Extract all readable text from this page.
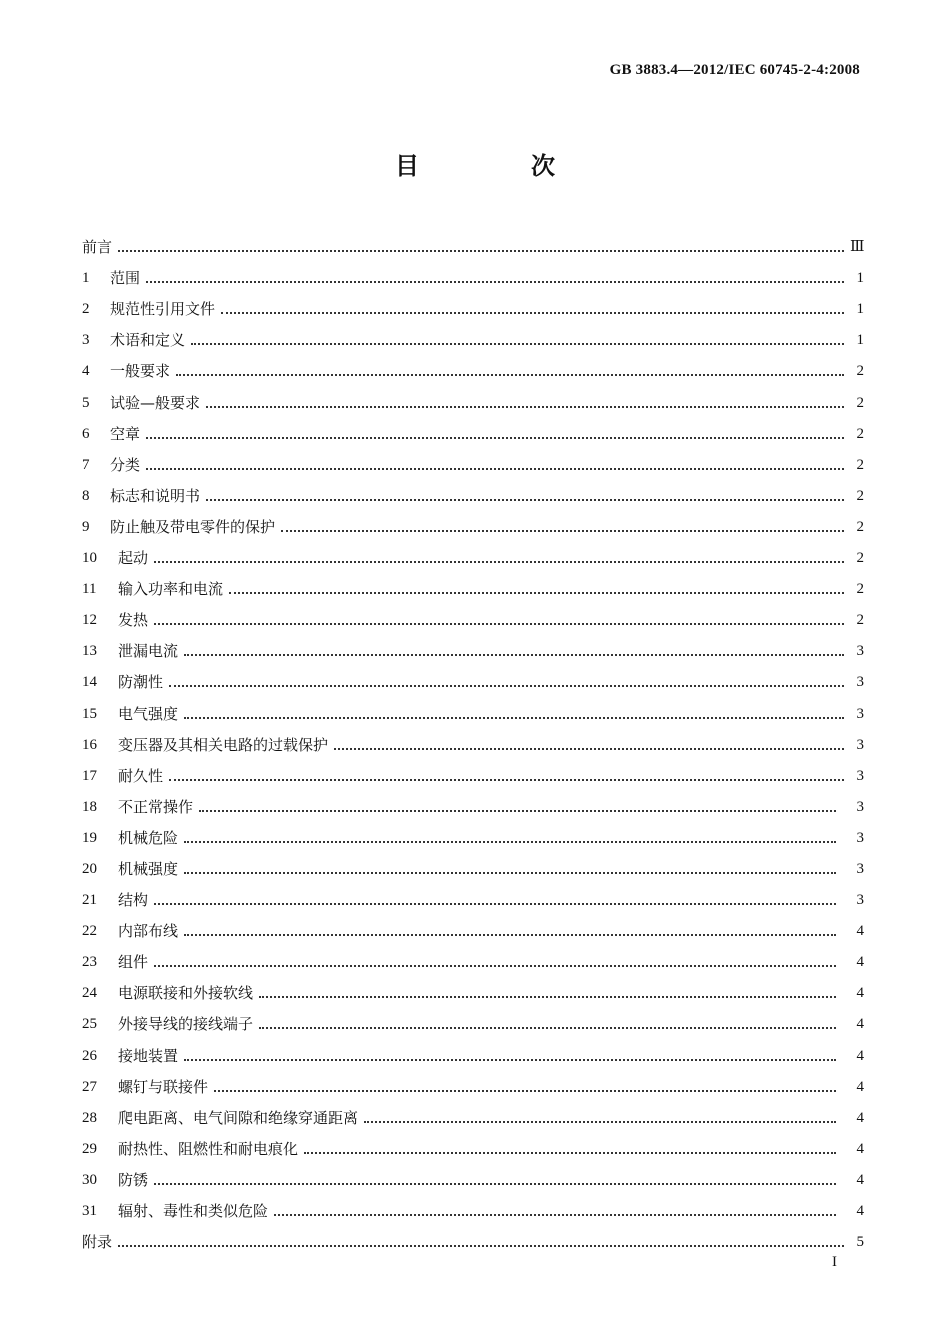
GB 3883.4—2012/IEC 60745-2-4:2008
目　次
前言	Ⅲ
1	范围	1
2	规范性引用文件	1
3	术语和定义	1
4	一般要求	2
5	试验—般要求	2
6	空章	2
7	分类	2
8	标志和说明书	2
9	防止触及带电零件的保护	2
10	起动	2
11	输入功率和电流	2
12	发热	2
13	泄漏电流	3
14	防潮性	3
15	电气强度	3
16	变压器及其相关电路的过载保护	3
17	耐久性	3
18	不正常操作	3
19	机械危险	3
20	机械强度	3
21	结构	3
22	内部布线	4
23	组件	4
24	电源联接和外接软线	4
25	外接导线的接线端子	4
26	接地装置	4
27	螺钉与联接件	4
28	爬电距离、电气间隙和绝缘穿通距离	4
29	耐热性、阻燃性和耐电痕化	4
30	防锈	4
31	辐射、毒性和类似危险	4
附录	5
I
